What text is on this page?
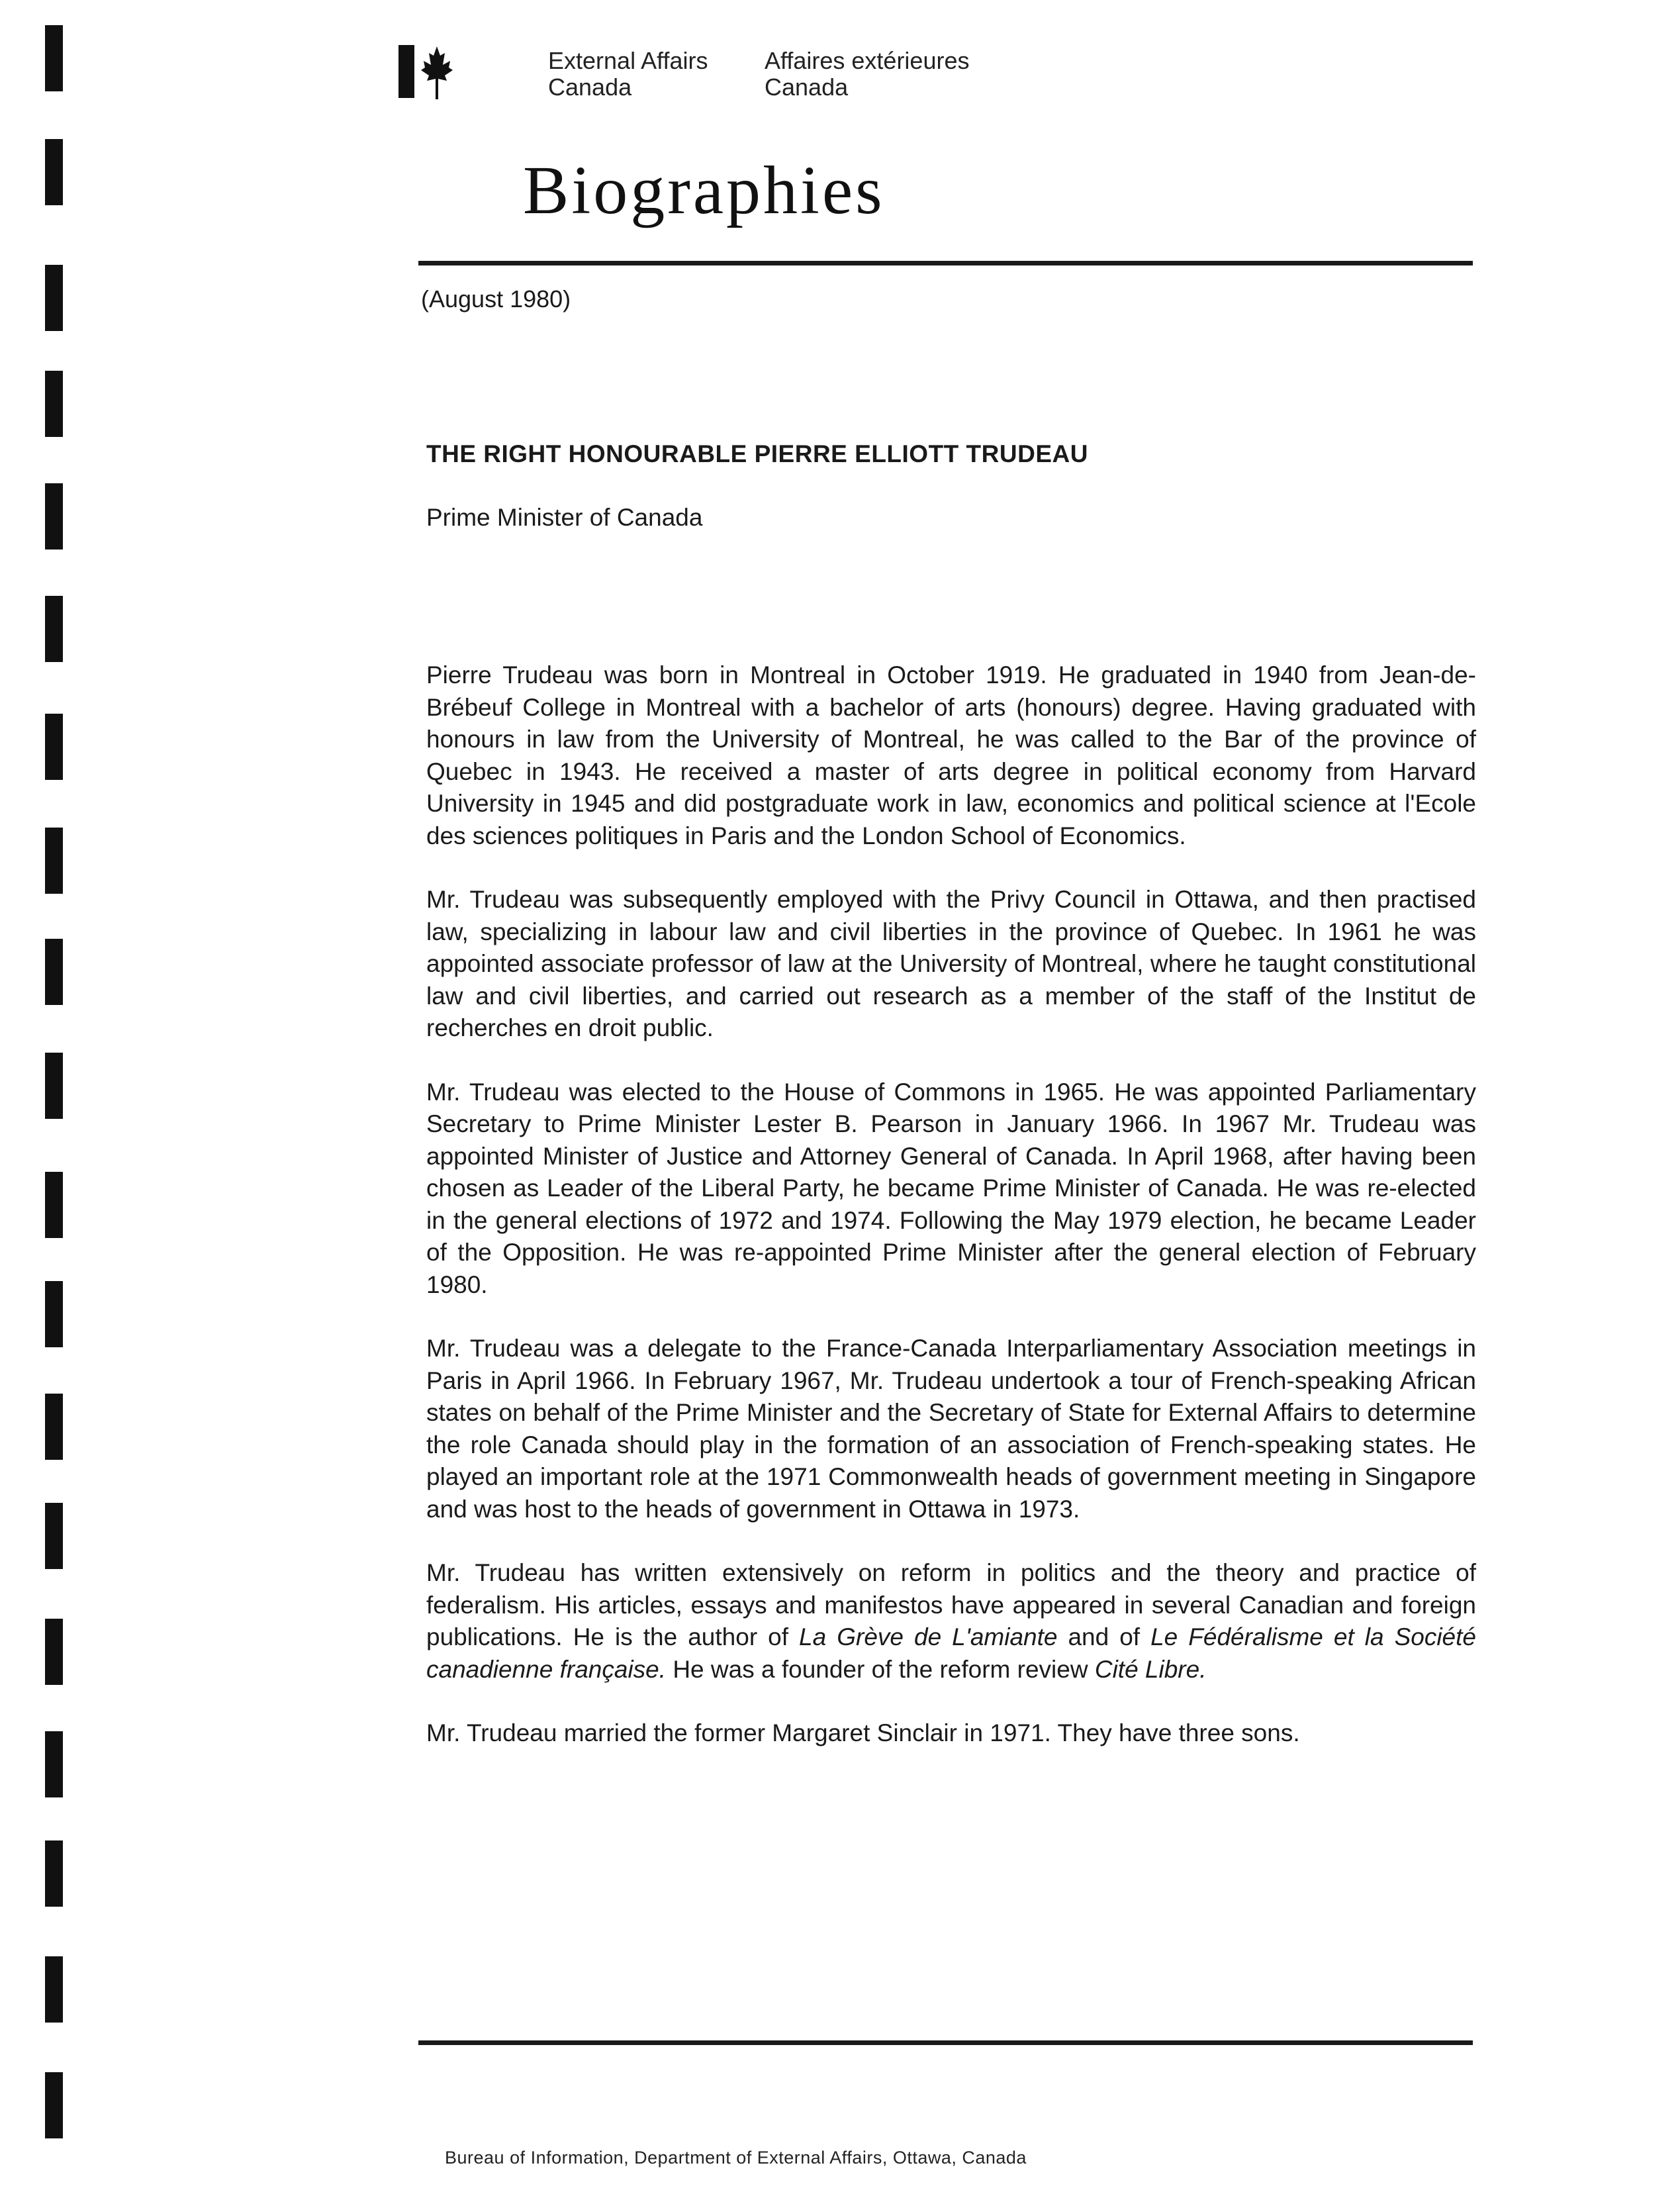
External Affairs
Canada
Affaires extérieures
Canada
Biographies
(August 1980)
THE RIGHT HONOURABLE PIERRE ELLIOTT TRUDEAU
Prime Minister of Canada

Pierre Trudeau was born in Montreal in October 1919. He graduated in 1940 from Jean-de-Brébeuf College in Montreal with a bachelor of arts (honours) degree. Having graduated with honours in law from the University of Montreal, he was called to the Bar of the province of Quebec in 1943. He received a master of arts degree in political economy from Harvard University in 1945 and did postgraduate work in law, economics and political science at l'Ecole des sciences politiques in Paris and the London School of Economics.

Mr. Trudeau was subsequently employed with the Privy Council in Ottawa, and then practised law, specializing in labour law and civil liberties in the province of Quebec. In 1961 he was appointed associate professor of law at the University of Montreal, where he taught constitutional law and civil liberties, and carried out research as a member of the staff of the Institut de recherches en droit public.

Mr. Trudeau was elected to the House of Commons in 1965. He was appointed Parliamentary Secretary to Prime Minister Lester B. Pearson in January 1966. In 1967 Mr. Trudeau was appointed Minister of Justice and Attorney General of Canada. In April 1968, after having been chosen as Leader of the Liberal Party, he became Prime Minister of Canada. He was re-elected in the general elections of 1972 and 1974. Following the May 1979 election, he became Leader of the Opposition. He was re-appointed Prime Minister after the general election of February 1980.

Mr. Trudeau was a delegate to the France-Canada Interparliamentary Association meetings in Paris in April 1966. In February 1967, Mr. Trudeau undertook a tour of French-speaking African states on behalf of the Prime Minister and the Secretary of State for External Affairs to determine the role Canada should play in the formation of an association of French-speaking states. He played an important role at the 1971 Commonwealth heads of government meeting in Singapore and was host to the heads of government in Ottawa in 1973.

Mr. Trudeau has written extensively on reform in politics and the theory and practice of federalism. His articles, essays and manifestos have appeared in several Canadian and foreign publications. He is the author of La Grève de L'amiante and of Le Fédéralisme et la Société canadienne française. He was a founder of the reform review Cité Libre.

Mr. Trudeau married the former Margaret Sinclair in 1971. They have three sons.

Bureau of Information, Department of External Affairs, Ottawa, Canada
